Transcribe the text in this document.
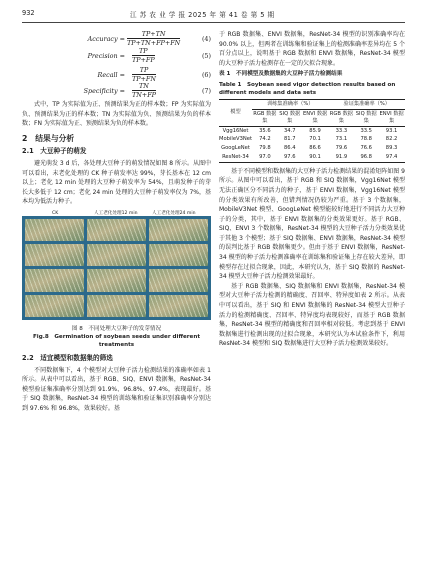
932	江 苏 农 业 学 报 2025 年 第 41 卷 第 5 期
Accuracy = $\frac{TP+TN}{TP+TN+FP+FN}$	(4)
Precision = $\frac{TP}{TP+FP}$	(5)
Recall = $\frac{TP}{TP+FN}$	(6)
Specificity = $\frac{TN}{TN+FP}$	(7)

式中，TP 为实际值为正、预测结果为正的样本数；FP 为实际值为负、预测结果为正的样本数；TN 为实际值为负、预测结果为负的样本数；FN 为实际值为正、预测结果为负的样本数。

2　结果与分析
2.1　大豆种子的萌发

避光萌发 3 d 后，各处理大豆种子的萌发情况如图 8 所示。从图中可以看出，未老化处理的 CK 种子萌发率达 99%，芽长基本在 12 cm 以上；老化 12 min 处理的大豆种子萌发率为 54%，且萌发种子的芽长大多低于 12 cm；老化 24 min 处理的大豆种子萌发率仅为 7%，基本均为低活力种子。

CK	人工老化处理12 min	人工老化处理24 min
图 8　不同处理大豆种子的发芽情况
Fig.8　Germination of soybean seeds under different treatments
2.2　适宜模型和数据集的筛选

不同数据集下，4 个模型对大豆种子活力检测结果的准确率如表 1 所示。从表中可以看出，基于 RGB、SIQ、ENVI 数据集，ResNet-34 模型验证集准确率分别达到 91.9%、96.8%、97.4%，表现最好。基于 SIQ 数据集，ResNet-34 模型的训练集和验证集识别准确率分别达到 97.6% 和 96.8%，效果较好。基

于 RGB 数据集、ENVI 数据集，ResNet-34 模型的识别准确率均在 90.0% 以上，但两者在训练集和验证集上的检测准确率差异均在 5 个百分点以上，说明基于 RGB 数据和 ENVI 数据集，ResNet-34 模型的大豆种子活力检测存在一定的欠拟合现象。

表 1　不同模型及数据集的大豆种子活力检测结果
Table 1　Soybean seed vigor detection results based on different models and data sets
模型	训练集准确率（%）			验证集准确率（%）		
	RGB 数据集	SIQ 数据集	ENVI 数据集	RGB 数据集	SIQ 数据集	ENVI 数据集
Vgg16Net	35.6	34.7	85.9	33.3	33.5	93.1
MobileV3Net	74.2	81.7	70.1	73.1	78.8	82.2
GoogLeNet	79.8	86.4	86.6	79.6	76.6	89.3
ResNet-34	97.0	97.6	90.1	91.9	96.8	97.4

基于不同模型和数据集的大豆种子活力检测结果的混淆矩阵如图 9 所示。从图中可以看出，基于 RGB 和 SIQ 数据集，Vgg16Net 模型无法正确区分不同活力的种子，基于 ENVI 数据集，Vgg16Net 模型的分类效果有所改善，但错判情况仍较为严重。基于 3 个数据集，MobileV3Net 模型、GoogLeNet 模型能较好地进行不同活力大豆种子的分类，其中，基于 ENVI 数据集的分类效果更好。基于 RGB、SIQ、ENVI 3 个数据集，ResNet-34 模型的大豆种子活力分类效果优于其他 3 个模型；基于 SIQ 数据集、ENVI 数据集，ResNet-34 模型的误判比基于 RGB 数据集更少。但由于基于 ENVI 数据集，ResNet-34 模型的种子活力检测准确率在训练集和验证集上存在较大差异，即模型存在过拟合现象，因此，本研究认为，基于 SIQ 数据的 ResNet-34 模型大豆种子活力检测效果最好。

基于 RGB 数据集、SIQ 数据集和 ENVI 数据集，ResNet-34 模型对大豆种子活力检测的精确度、召回率、特异度如表 2 所示。从表中可以看出，基于 SIQ 和 ENVI 数据集的 ResNet-34 模型大豆种子活力的检测精确度、召回率、特异度均表现较好，而基于 RGB 数据集，ResNet-34 模型的精确度和召回率相对较低。考虑到基于 ENVI 数据集进行检测出现的过拟合现象，本研究认为本试验条件下，利用 ResNet-34 模型和 SIQ 数据集进行大豆种子活力检测效果较好。
